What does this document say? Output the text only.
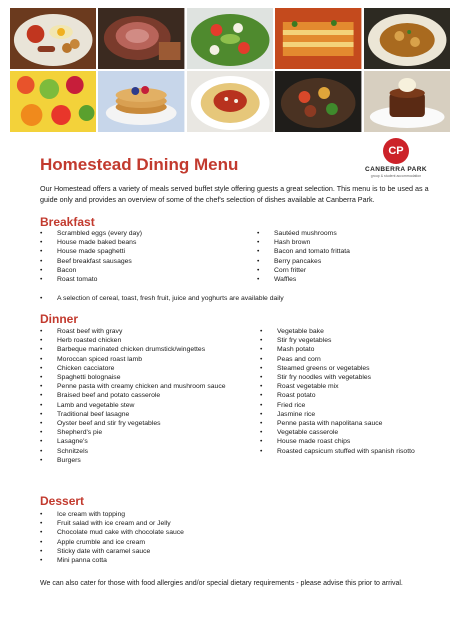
CP
CANBERRA PARK
group & student accommodation
Homestead Dining Menu

Our Homestead offers a variety of meals served buffet style offering guests a great selection. This menu is to be used as a guide only and provides an overview of some of the chef's selection of dishes available at Canberra Park.

Breakfast
• Scrambled eggs (every day)
• House made baked beans
• House made spaghetti
• Beef breakfast sausages
• Bacon
• Roast tomato
• Sautéed mushrooms
• Hash brown
• Bacon and tomato frittata
• Berry pancakes
• Corn fritter
• Waffles
• A selection of cereal, toast, fresh fruit, juice and yoghurts are available daily
Dinner
• Roast beef with gravy
• Herb roasted chicken
• Barbeque marinated chicken drumstick/wingettes
• Moroccan spiced roast lamb
• Chicken cacciatore
• Spaghetti bolognaise
• Penne pasta with creamy chicken and mushroom sauce
• Braised beef and potato casserole
• Lamb and vegetable stew
• Traditional beef lasagne
• Oyster beef and stir fry vegetables
• Shepherd's pie
• Lasagne's
• Schnitzels
• Burgers
• Vegetable bake
• Stir fry vegetables
• Mash potato
• Peas and corn
• Steamed greens or vegetables
• Stir fry noodles with vegetables
• Roast vegetable mix
• Roast potato
• Fried rice
• Jasmine rice
• Penne pasta with napolitana sauce
• Vegetable casserole
• House made roast chips
• Roasted capsicum stuffed with spanish risotto
Dessert
• Ice cream with topping
• Fruit salad with ice cream and or Jelly
• Chocolate mud cake with chocolate sauce
• Apple crumble and ice cream
• Sticky date with caramel sauce
• Mini panna cotta

We can also cater for those with food allergies and/or special dietary requirements - please advise this prior to arrival.
